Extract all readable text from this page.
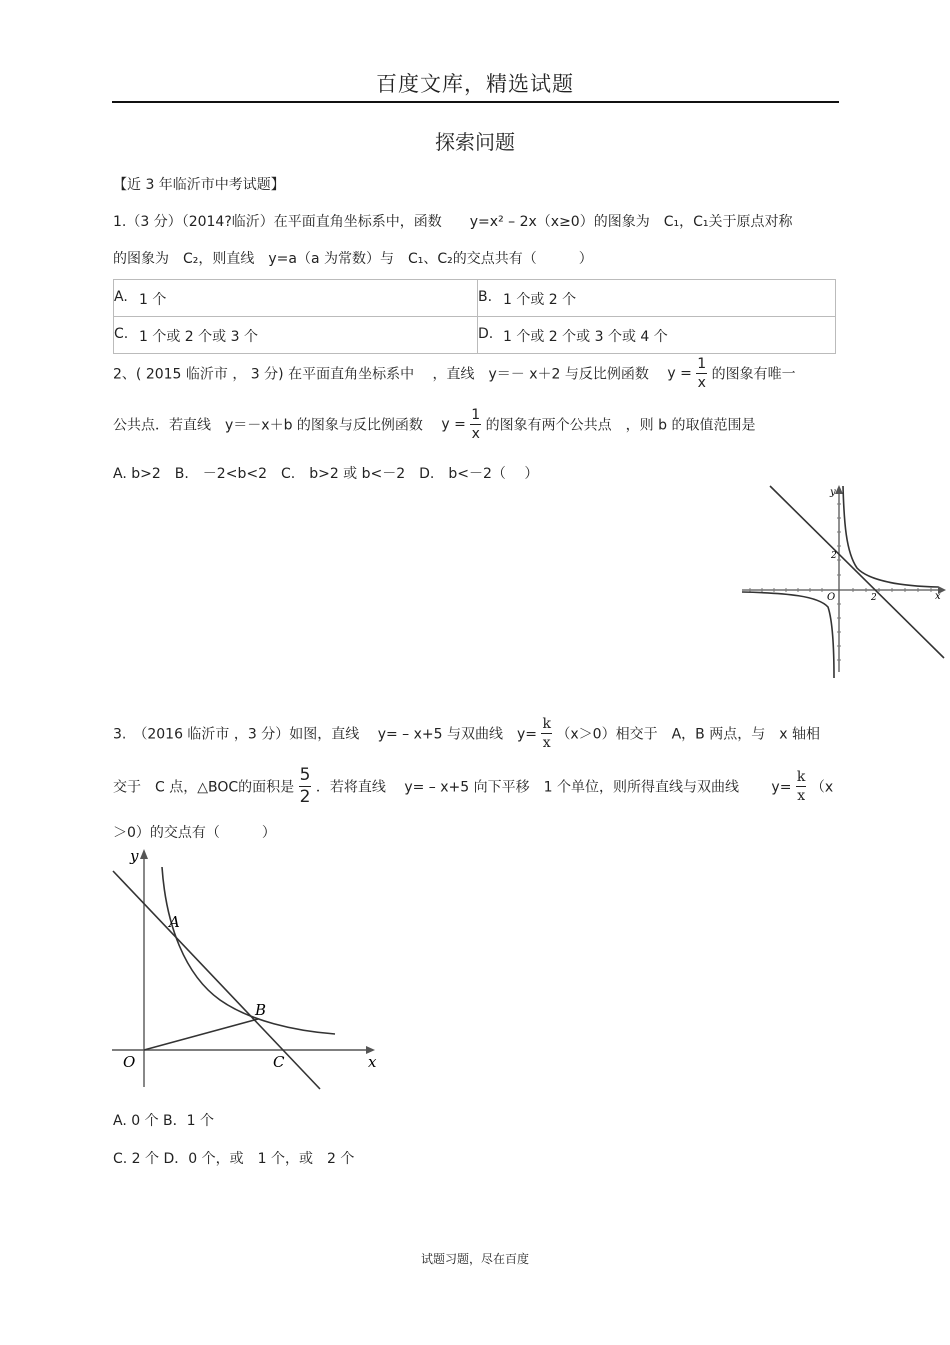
百度文库，精选试题
探索问题
【近 3 年临沂市中考试题】
1.（3 分）（2014?临沂）在平面直角坐标系中，函数　　y=x² – 2x（x≥0）的图象为　C₁，C₁关于原点对称
的图象为　C₂，则直线　y=a（a 为常数）与　C₁、C₂的交点共有（　　　）
A. 1 个	B. 1 个或 2 个

C. 1 个或 2 个或 3 个	D. 1 个或 2 个或 3 个或 4 个
2、( 2015 临沂市 ， 3 分) 在平面直角坐标系中　 ，直线　y＝－ x＋2 与反比例函数　 $y = \frac{1}{x}$ 的图象有唯一
公共点．若直线　y＝－x＋b 的图象与反比例函数　 $y = \frac{1}{x}$ 的图象有两个公共点　，则 b 的取值范围是
A. b>2　B.　－2<b<2　C.　b>2 或 b<－2　D.　b<－2（　 ）
y
x
O
2
2
3.　（2016 临沂市 ，3 分）如图，直线　 y= – x+5 与双曲线　$y= \frac{k}{x} (x>0)$相交于　A，B 两点，与　x 轴相
交于　C 点，△BOC的面积是 $\frac{5}{2}$ ．若将直线　 y= – x+5 向下平移　1 个单位，则所得直线与双曲线　　 $y= \frac{k}{x} (x$
＞0）的交点有（　　　）
y
x
O
A
B
C
A. 0 个 B．1 个
C. 2 个 D．0 个，或　1 个，或　2 个
试题习题，尽在百度
